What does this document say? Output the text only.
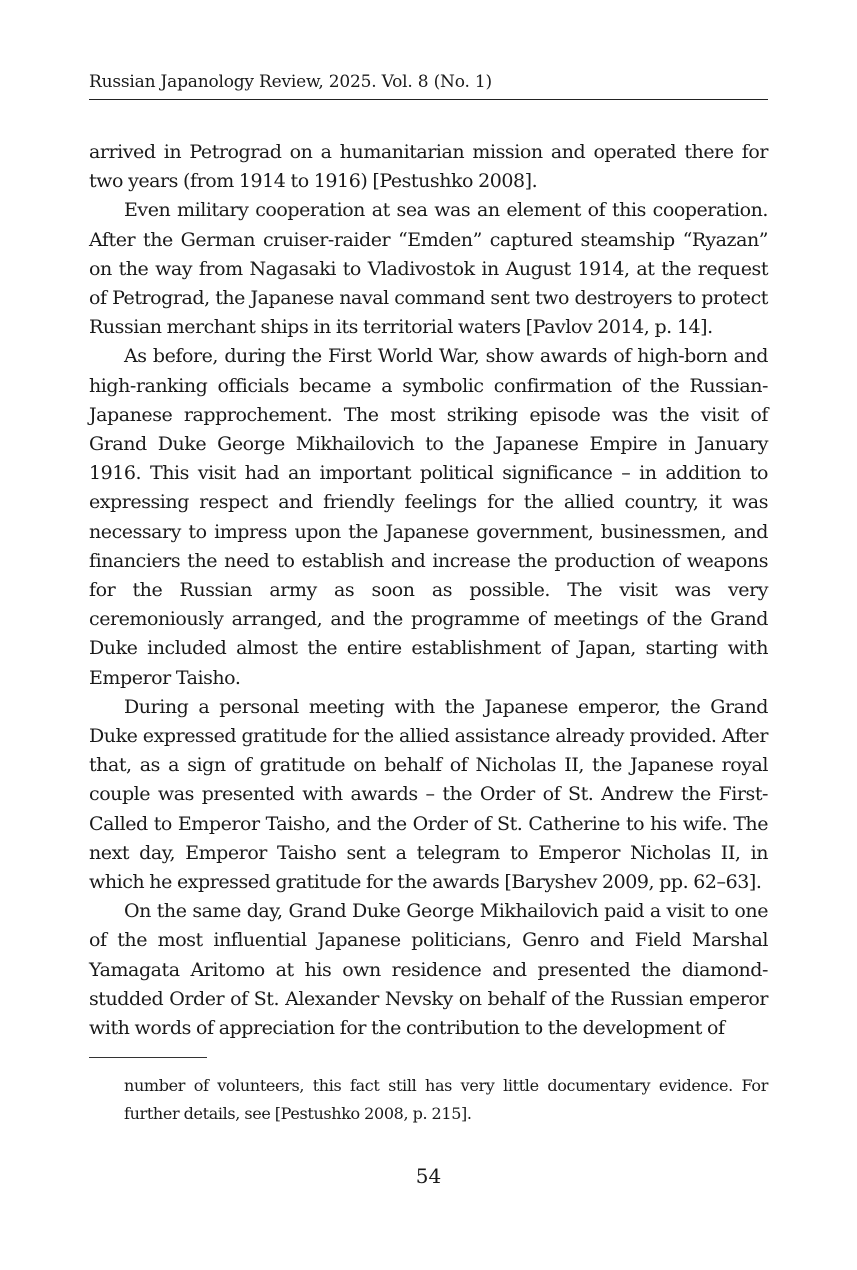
Russian Japanology Review, 2025. Vol. 8 (No. 1)

arrived in Petrograd on a humanitarian mission and operated there for two years (from 1914 to 1916) [Pestushko 2008].

Even military cooperation at sea was an element of this cooperation. After the German cruiser-raider “Emden” captured steamship “Ryazan” on the way from Nagasaki to Vladivostok in August 1914, at the request of Petrograd, the Japanese naval command sent two destroyers to protect Russian merchant ships in its territorial waters [Pavlov 2014, p. 14].

As before, during the First World War, show awards of high-born and high-ranking officials became a symbolic confirmation of the Russian-Japanese rapprochement. The most striking episode was the visit of Grand Duke George Mikhailovich to the Japanese Empire in January 1916. This visit had an important political significance – in addition to expressing respect and friendly feelings for the allied country, it was necessary to impress upon the Japanese government, businessmen, and financiers the need to establish and increase the production of weapons for the Russian army as soon as possible. The visit was very ceremoniously arranged, and the programme of meetings of the Grand Duke included almost the entire establishment of Japan, starting with Emperor Taisho.

During a personal meeting with the Japanese emperor, the Grand Duke expressed gratitude for the allied assistance already provided. After that, as a sign of gratitude on behalf of Nicholas II, the Japanese royal couple was presented with awards – the Order of St. Andrew the First-Called to Emperor Taisho, and the Order of St. Catherine to his wife. The next day, Emperor Taisho sent a telegram to Emperor Nicholas II, in which he expressed gratitude for the awards [Baryshev 2009, pp. 62–63].

On the same day, Grand Duke George Mikhailovich paid a visit to one of the most influential Japanese politicians, Genro and Field Marshal Yamagata Aritomo at his own residence and presented the diamond-studded Order of St. Alexander Nevsky on behalf of the Russian emperor with words of appreciation for the contribution to the development of

number of volunteers, this fact still has very little documentary evidence. For further details, see [Pestushko 2008, p. 215].

54
